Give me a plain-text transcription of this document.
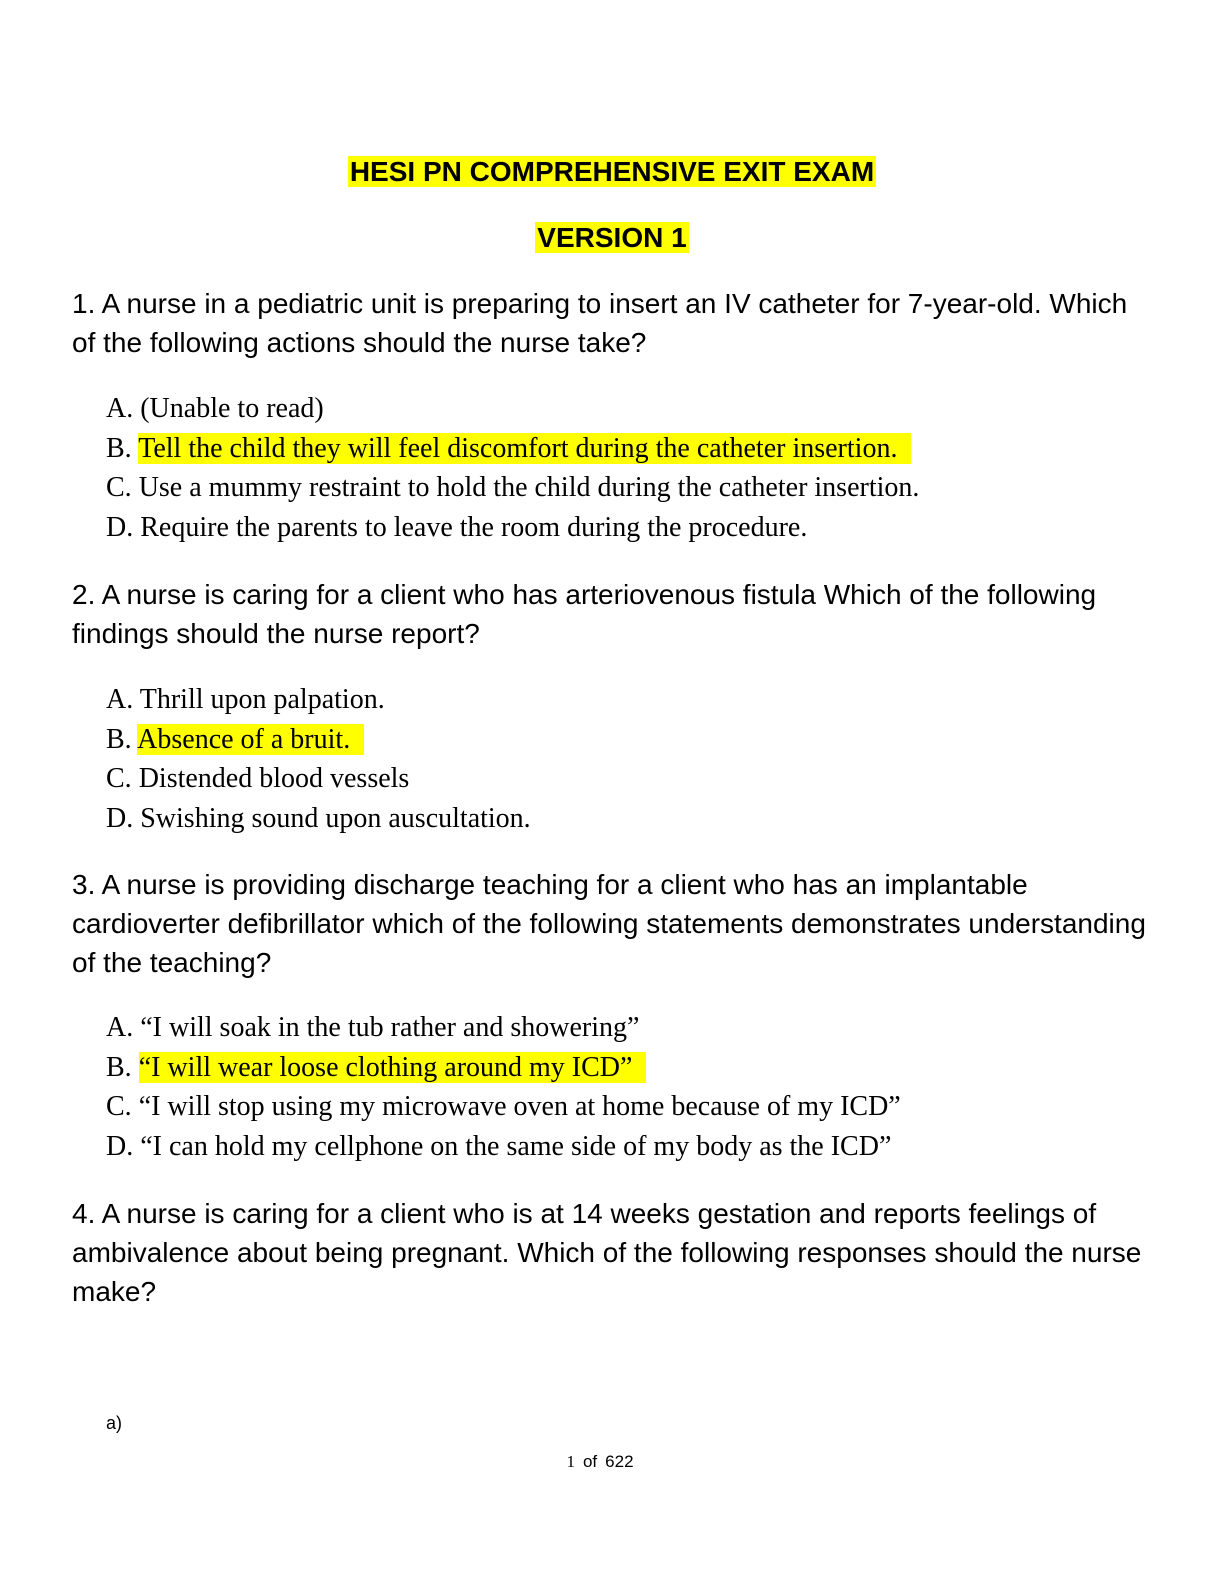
HESI PN COMPREHENSIVE EXIT EXAM
VERSION 1
1. A nurse in a pediatric unit is preparing to insert an IV catheter for 7-year-old. Which of the following actions should the nurse take?
A. (Unable to read)
B. Tell the child they will feel discomfort during the catheter insertion.
C. Use a mummy restraint to hold the child during the catheter insertion.
D. Require the parents to leave the room during the procedure.
2. A nurse is caring for a client who has arteriovenous fistula Which of the following findings should the nurse report?
A. Thrill upon palpation.
B. Absence of a bruit.
C. Distended blood vessels
D. Swishing sound upon auscultation.
3. A nurse is providing discharge teaching for a client who has an implantable cardioverter defibrillator which of the following statements demonstrates understanding of the teaching?
A. “I will soak in the tub rather and showering”
B. “I will wear loose clothing around my ICD”
C. “I will stop using my microwave oven at home because of my ICD”
D. “I can hold my cellphone on the same side of my body as the ICD”
4. A nurse is caring for a client who is at 14 weeks gestation and reports feelings of ambivalence about being pregnant. Which of the following responses should the nurse make?
a)
1 of 622
